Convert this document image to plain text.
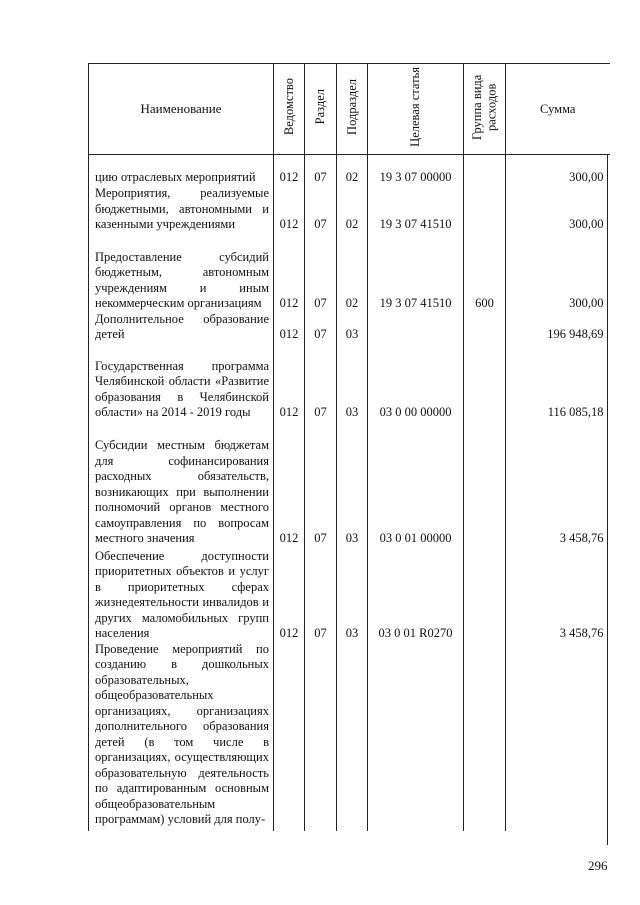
Наименование	Ведомство	Раздел	Подраздел	Целевая статья	Группа вида расходов	Сумма
цию отраслевых мероприятий	012	07	02	19 3 07 00000		300,00
Мероприятия, реализуемые бюджетными, автономными и казенными учреждениями	012	07	02	19 3 07 41510		300,00
Предоставление субсидий бюджетным, автономным учреждениям и иным некоммерческим организациям	012	07	02	19 3 07 41510	600	300,00
Дополнительное образование детей	012	07	03			196 948,69
Государственная программа Челябинской области «Развитие образования в Челябинской области» на 2014 - 2019 годы	012	07	03	03 0 00 00000		116 085,18
Субсидии местным бюджетам для софинансирования расходных обязательств, возникающих при выполнении полномочий органов местного самоуправления по вопросам местного значения	012	07	03	03 0 01 00000		3 458,76
Обеспечение доступности приоритетных объектов и услуг в приоритетных сферах жизнедеятельности инвалидов и других маломобильных групп населения	012	07	03	03 0 01 R0270		3 458,76
Проведение мероприятий по созданию в дошкольных образовательных, общеобразовательных организациях, организациях дополнительного образования детей (в том числе в организациях, осуществляющих образовательную деятельность по адаптированным основным общеобразовательным программам) условий для полу-						
296
